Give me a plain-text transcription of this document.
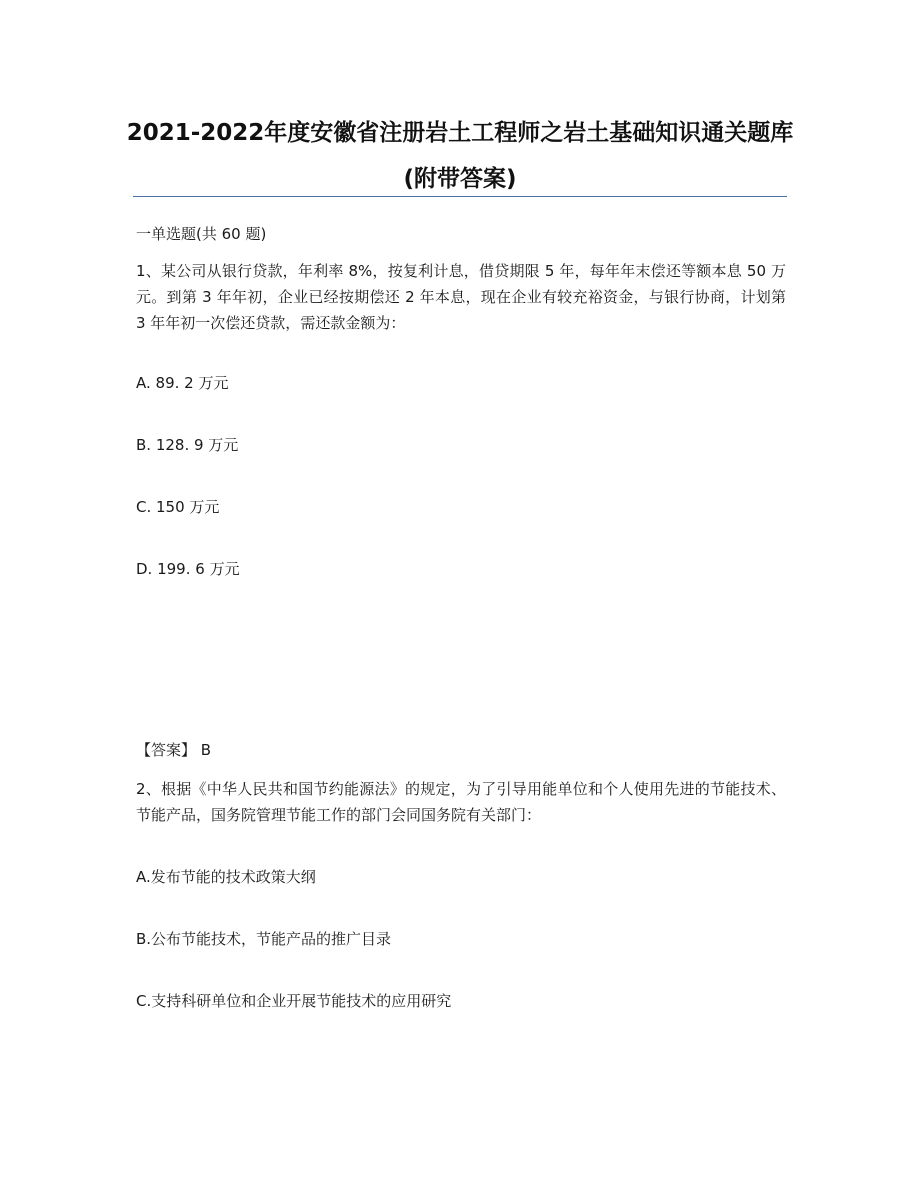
2021-2022年度安徽省注册岩土工程师之岩土基础知识通关题库(附带答案)
一单选题(共 60 题)
1、某公司从银行贷款，年利率 8%，按复利计息，借贷期限 5 年，每年年末偿还等额本息 50 万元。到第 3 年年初，企业已经按期偿还 2 年本息，现在企业有较充裕资金，与银行协商，计划第 3 年年初一次偿还贷款，需还款金额为：
A. 89. 2 万元
B. 128. 9 万元
C. 150 万元
D. 199. 6 万元
【答案】 B
2、根据《中华人民共和国节约能源法》的规定，为了引导用能单位和个人使用先进的节能技术、节能产品，国务院管理节能工作的部门会同国务院有关部门：
A.发布节能的技术政策大纲
B.公布节能技术，节能产品的推广目录
C.支持科研单位和企业开展节能技术的应用研究
